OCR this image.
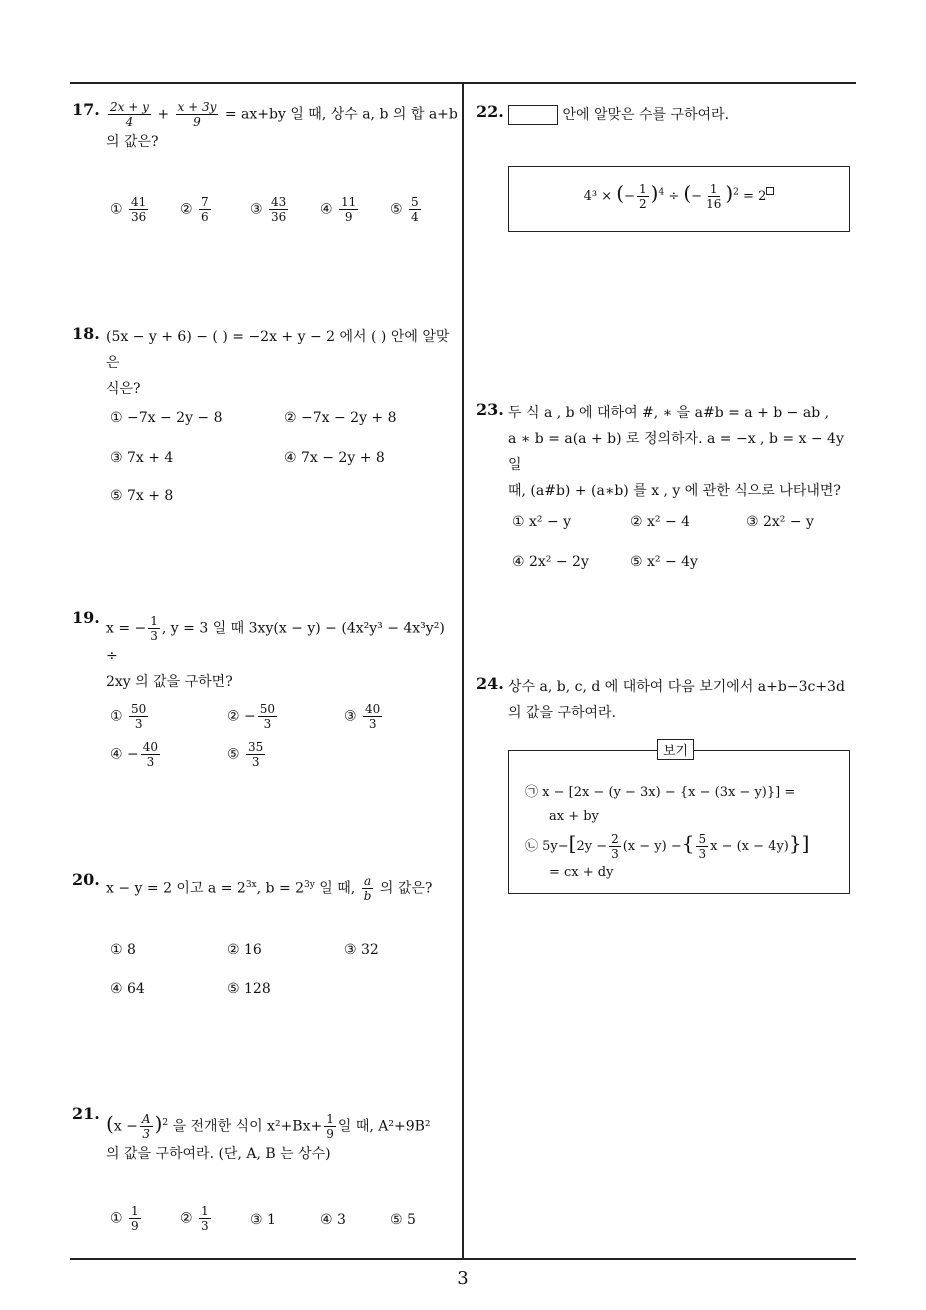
17. $\frac{2x + y}{4} + \frac{x + 3y}{9} = ax+by$ 일 때, 상수 a, b 의 합 a+b
의 값은?
① $\frac{41}{36}$ ② $\frac{7}{6}$	③ $\frac{43}{36}$ ④ $\frac{11}{9}$ ⑤ $\frac{5}{4}$
18. (5x − y + 6) − ( ) = −2x + y − 2 에서 ( ) 안에 알맞은
식은?
① −7x − 2y − 8	② −7x − 2y + 8
③ 7x + 4	④ 7x − 2y + 8
⑤ 7x + 8
19.
x = − $\frac{1}{3}$ , y = 3 일 때 3xy(x − y) − (4x²y³ − 4x³y²) ÷
2xy 의 값을 구하면?
① $\frac{50}{3}$	② − $\frac{50}{3}$	③ $\frac{40}{3}$
④ − $\frac{40}{3}$	⑤ $\frac{35}{3}$
20. x − y = 2 이고 $a = 2^{3x}$, $b = 2^{3y}$ 일 때, $\frac{a}{b}$ 의 값은?
① 8	② 16	③ 32
④ 64	⑤ 128
21. $(x - \frac{A}{3} )^2$ 을 전개한 식이 $x^2+Bx+ \frac{1}{9}$ 일 때, A²+9B²
의 값을 구하여라. (단, A, B 는 상수)
① $\frac{1}{9}$	② $\frac{1}{3}$	③ 1	④ 3	⑤ 5
22.	안에 알맞은 수를 구하여라.
4³ × (− $\frac{1}{2} )^4$ ÷ (− $\frac{1}{16} )^2 = 2$
23. 두 식 a , b 에 대하여 #, ∗ 을 a#b = a + b − ab ,
a ∗ b = a(a + b) 로 정의하자. a = −x , b = x − 4y 일
때, (a#b) + (a∗b) 를 x , y 에 관한 식으로 나타내면?
① x² − y	② x² − 4	③ 2x² − y
④ 2x² − 2y	⑤ x² − 4y
24. 상수 a, b, c, d 에 대하여 다음 보기에서 a+b−3c+3d
의 값을 구하여라.
보기
㉠ x − [2x − (y − 3x) − {x − (3x − y)}] =
ax + by
㉡ $5y-[2y - \frac{2}{3} (x - y)$ −{ $\frac{5}{3}$ x − (x − 4y)}]
= cx + dy
3
